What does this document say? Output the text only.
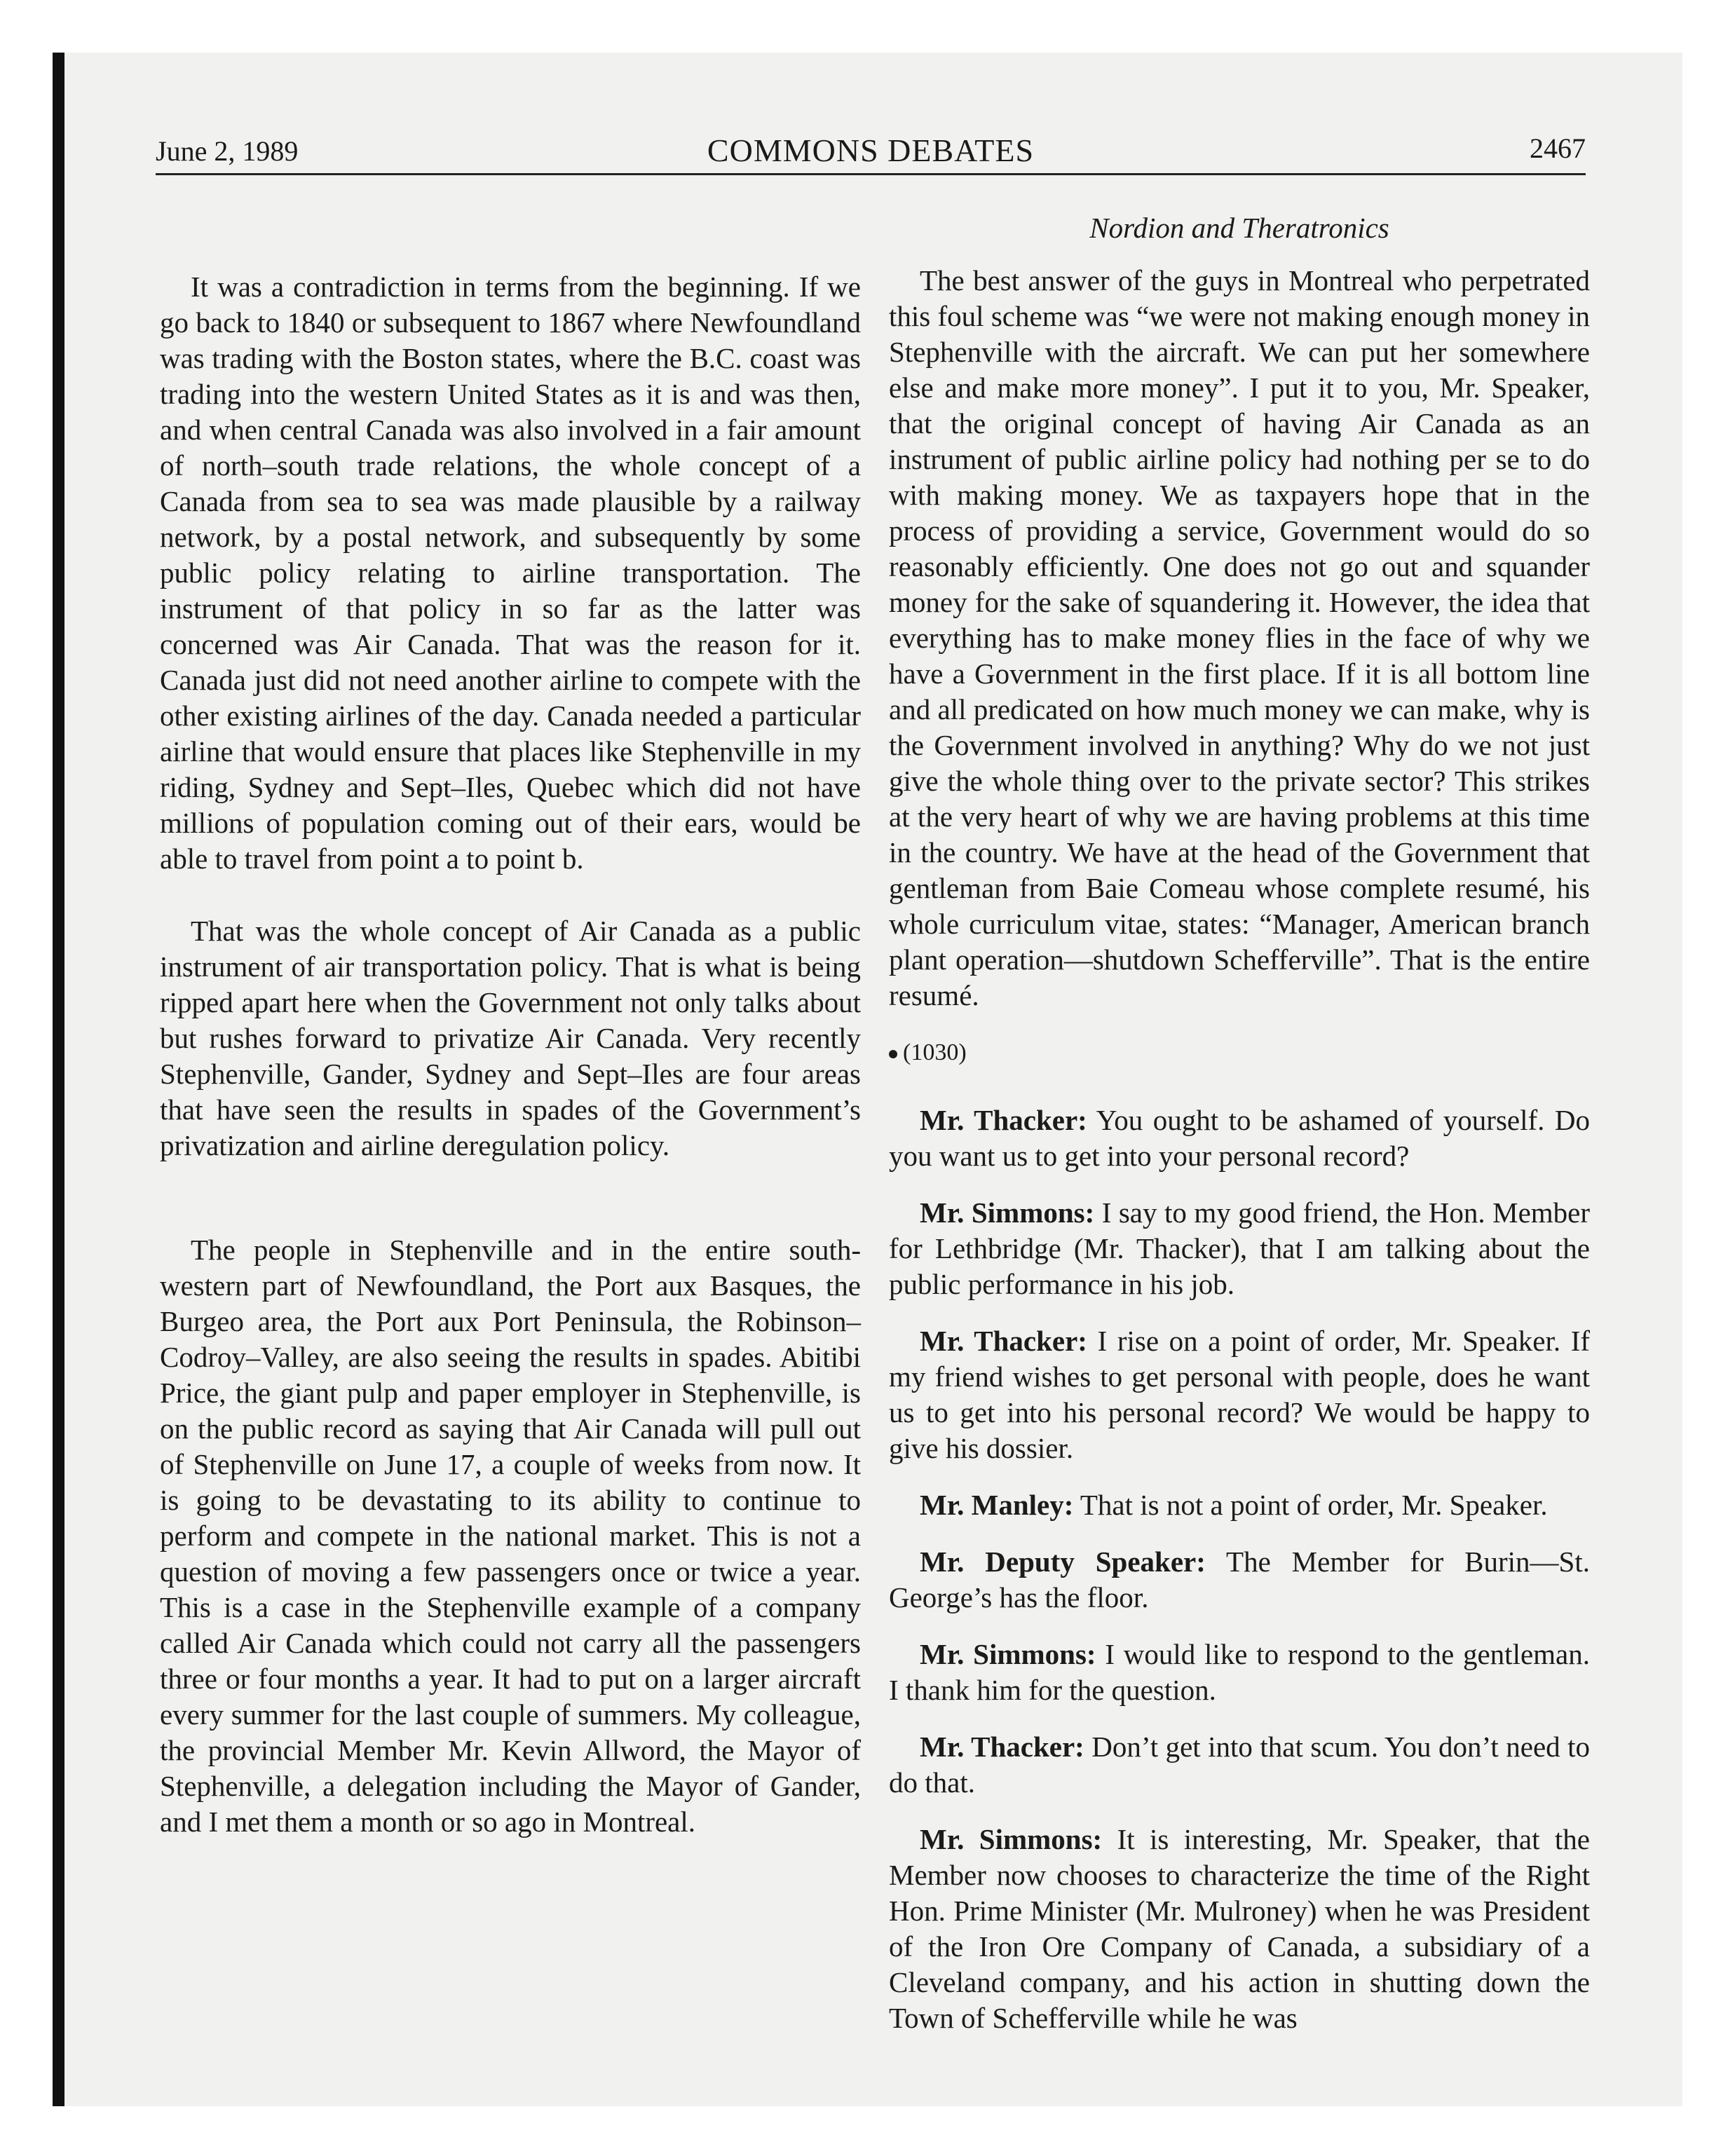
June 2, 1989	COMMONS DEBATES	2467

It was a contradiction in terms from the beginning. If we go back to 1840 or subsequent to 1867 where Newfoundland was trading with the Boston states, where the B.C. coast was trading into the western United States as it is and was then, and when central Canada was also involved in a fair amount of north–south trade relations, the whole concept of a Canada from sea to sea was made plausible by a railway network, by a postal network, and subsequently by some public policy relating to airline transportation. The instrument of that policy in so far as the latter was concerned was Air Canada. That was the reason for it. Canada just did not need another airline to compete with the other existing airlines of the day. Canada needed a particular airline that would ensure that places like Stephenville in my riding, Sydney and Sept–Iles, Quebec which did not have millions of population coming out of their ears, would be able to travel from point a to point b.

That was the whole concept of Air Canada as a public instrument of air transportation policy. That is what is being ripped apart here when the Government not only talks about but rushes forward to privatize Air Canada. Very recently Stephenville, Gander, Sydney and Sept–Iles are four areas that have seen the results in spades of the Government’s privatization and airline deregulation policy.

The people in Stephenville and in the entire south-western part of Newfoundland, the Port aux Basques, the Burgeo area, the Port aux Port Peninsula, the Robinson–Codroy–Valley, are also seeing the results in spades. Abitibi Price, the giant pulp and paper employer in Stephenville, is on the public record as saying that Air Canada will pull out of Stephenville on June 17, a couple of weeks from now. It is going to be devastating to its ability to continue to perform and compete in the national market. This is not a question of moving a few passengers once or twice a year. This is a case in the Stephenville example of a company called Air Canada which could not carry all the passengers three or four months a year. It had to put on a larger aircraft every summer for the last couple of summers. My colleague, the provincial Member Mr. Kevin Allword, the Mayor of Stephenville, a delegation including the Mayor of Gander, and I met them a month or so ago in Montreal.

Nordion and Theratronics

The best answer of the guys in Montreal who perpetrated this foul scheme was “we were not making enough money in Stephenville with the aircraft. We can put her somewhere else and make more money”. I put it to you, Mr. Speaker, that the original concept of having Air Canada as an instrument of public airline policy had nothing per se to do with making money. We as taxpayers hope that in the process of providing a service, Government would do so reasonably efficiently. One does not go out and squander money for the sake of squandering it. However, the idea that everything has to make money flies in the face of why we have a Government in the first place. If it is all bottom line and all predicated on how much money we can make, why is the Government involved in anything? Why do we not just give the whole thing over to the private sector? This strikes at the very heart of why we are having problems at this time in the country. We have at the head of the Government that gentleman from Baie Comeau whose complete resumé, his whole curriculum vitae, states: “Manager, American branch plant operation—shutdown Schefferville”. That is the entire resumé.

(1030)

Mr. Thacker: You ought to be ashamed of yourself. Do you want us to get into your personal record?

Mr. Simmons: I say to my good friend, the Hon. Member for Lethbridge (Mr. Thacker), that I am talking about the public performance in his job.

Mr. Thacker: I rise on a point of order, Mr. Speaker. If my friend wishes to get personal with people, does he want us to get into his personal record? We would be happy to give his dossier.

Mr. Manley: That is not a point of order, Mr. Speaker.

Mr. Deputy Speaker: The Member for Burin—St. George’s has the floor.

Mr. Simmons: I would like to respond to the gentleman. I thank him for the question.

Mr. Thacker: Don’t get into that scum. You don’t need to do that.

Mr. Simmons: It is interesting, Mr. Speaker, that the Member now chooses to characterize the time of the Right Hon. Prime Minister (Mr. Mulroney) when he was President of the Iron Ore Company of Canada, a subsidiary of a Cleveland company, and his action in shutting down the Town of Schefferville while he was
